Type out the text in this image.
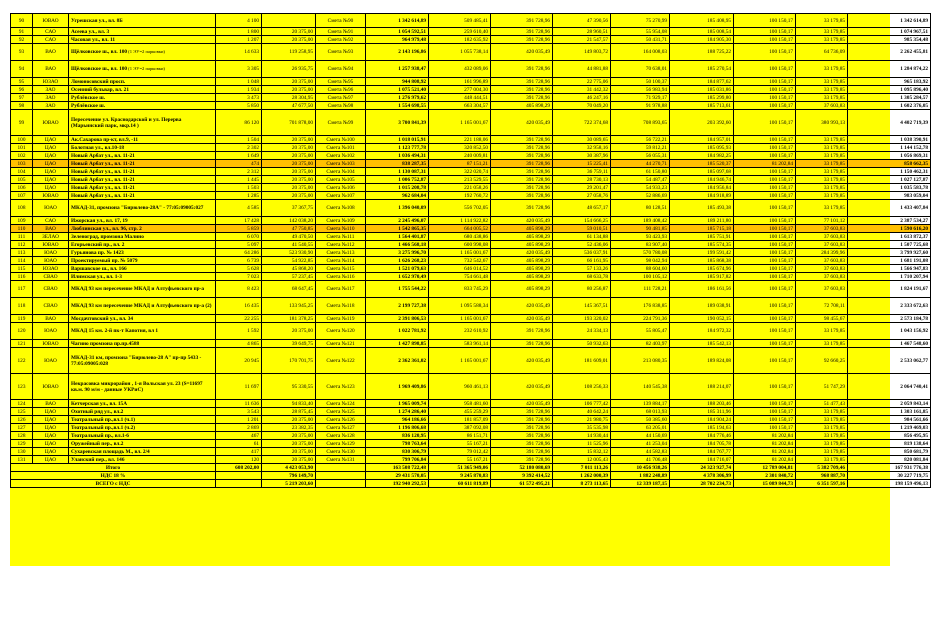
90	ЮВАО	Угрешская ул., вл. 8Б	4 100		Смета №90	1 342 614,89	509 485,41	391 728,96	47 390,56	75 270,99	185 408,95	100 150,17	33 179,85	1 342 614,89
91	САО	Асеева ул., вл. 3	1 800	20 375,00	Смета №91	1 054 592,51	259 610,40	391 728,96	28 960,51	55 954,08	185 008,54	100 150,17	33 179,85	1 074 967,51
92	САО	Часовая ул., вл. 11	1 207	20 375,00	Смета №92	964 979,48	182 635,92	391 728,96	21 547,57	50 431,71	184 905,30	100 150,17	33 179,85	985 354,48
93	ВАО	Щёлковское ш., вл. 100 (1 ЭУ=2 парковки)	14 633	119 258,95	Смета №93	2 143 196,86	1 055 738,14	420 035,49	149 803,72	164 008,03	188 725,22	100 150,17	64 736,09	2 262 455,81
94	ВАО	Щёлковское ш., вл. 100 (1 ЭУ=2 парковки)	3 305	26 935,75	Смета №94	1 257 938,47	432 089,06	391 728,96	44 881,88	70 638,01	185 270,54	100 150,17	33 179,85	1 284 874,22
95	ЮЗАО	Ломоносовский просп.	1 048	20 375,00	Смета №95	944 808,92	161 996,89	391 728,96	22 775,06	50 100,37	184 877,62	100 150,17	33 179,85	965 183,92
96	ЗАО	Осенний бульвар, вл. 21	1 934	20 375,00	Смета №96	1 075 521,40	277 004,30	391 728,96	31 442,32	56 983,94	185 031,86	100 150,17	33 179,85	1 095 896,40
97	ЗАО	Рублёвское ш.	3 473	28 304,95	Смета №97	1 276 979,62	448 444,51	391 728,96	46 247,16	71 929,17	185 299,80	100 150,17	33 179,85	1 305 284,57
98	ЗАО	Рублёвское ш.	5 850	47 677,50	Смета №98	1 554 698,55	663 304,57	405 898,29	70 049,20	91 978,88	185 713,61	100 150,17	37 603,83	1 602 376,05
99	ЮВАО	Пересечение ул. Краснодарской и ул. Перерва (Марьинский парк, мкр.14 )	86 120	701 878,00	Смета №99	3 700 841,39	1 165 001,67	420 035,49	722 374,68	708 893,65	203 392,60	100 150,17	380 993,13	4 402 719,39
100	ЦАО	Ак.Сахарова пр-кт, вл.9, -11	1 504	20 375,00	Смета №100	1 018 015,91	221 188,06	391 728,96	30 089,65	56 722,21	184 957,01	100 150,17	33 179,85	1 038 390,91
101	ЦАО	Болотная ул., вл.10-18	2 302	20 375,00	Смета №101	1 123 777,78	320 852,50	391 728,96	32 958,16	59 812,21	185 095,93	100 150,17	33 179,85	1 144 152,78
102	ЦАО	Новый Арбат ул., вл. 11-21	1 649	20 375,00	Смета №102	1 036 494,31	240 009,81	391 728,96	30 387,96	56 055,31	184 982,25	100 150,17	33 179,85	1 056 869,31
103	ЦАО	Новый Арбат ул., вл. 11-21	474	20 375,00	Смета №103	838 287,35	87 151,21	391 728,96	15 225,41	44 270,71	185 520,37	81 202,84	33 179,85	858 662,35
104	ЦАО	Новый Арбат ул., вл. 11-21	2 312	20 375,00	Смета №104	1 130 087,31	322 020,74	391 728,96	36 759,11	61 150,80	185 097,68	100 150,17	33 179,85	1 150 462,31
105	ЦАО	Новый Арбат ул., вл. 11-21	1 445	20 375,00	Смета №105	1 006 752,87	213 529,55	391 728,96	28 730,13	54 487,47	184 946,74	100 150,17	33 179,85	1 027 127,87
106	ЦАО	Новый Арбат ул., вл. 11-21	1 503	20 375,00	Смета №106	1 015 208,78	221 058,26	391 728,96	29 201,47	54 933,23	184 956,84	100 150,17	33 179,85	1 035 583,78
107	ЮВАО	Новый Арбат ул., вл. 11-21	1 285	20 375,00	Смета №107	962 684,04	192 760,72	391 728,96	27 058,76	52 886,69	184 918,89	100 150,17	33 179,85	983 059,04
108	ЮАО	МКАД-31, промзона "Бирюлево-28А" - 77:05:09005:027	4 585	37 367,75	Смета №108	1 396 040,09	556 702,05	391 728,96	48 657,17	80 128,51	185 493,38	100 150,17	33 179,85	1 433 407,84
109	САО	Ижорская ул., вл. 17, 19	17 428	142 038,20	Смета №109	2 245 496,07	1 114 922,82	420 035,49	154 666,25	189 408,42	189 211,80	100 150,17	77 101,12	2 387 534,27
110	ВАО	Люблинская ул., вл. 96, стр. 2	5 859	47 750,85	Смета №110	1 542 865,35	664 005,52	405 898,29	59 010,51	90 481,85	185 715,18	100 150,17	37 603,83	1 590 616,20
111	ЗЕЛАО	Зеленоград, промзона Малино	6 070	49 470,50	Смета №111	1 564 401,87	680 438,86	405 898,29	61 134,88	93 423,93	185 751,91	100 150,17	37 603,83	1 613 872,37
112	ЮВАО	Егорьевский пр., вл. 2	5 097	41 540,55	Смета №112	1 466 568,18	600 998,08	405 898,29	52 436,06	83 907,40	185 574,35	100 150,17	37 603,83	1 507 725,68
113	ЮАО	Гурьянова пр. № 1423	64 286	523 930,90	Смета №113	3 275 996,70	1 165 001,67	420 035,49	536 037,91	570 780,08	199 591,42	100 150,17	284 399,96	3 799 927,60
114	ЮАО	Проектируемый пр. № 5079	6 739	54 922,85	Смета №114	1 626 268,23	732 542,67	405 898,29	66 161,95	98 042,94	185 868,38	100 150,17	37 603,83	1 681 191,08
115	ЮЗАО	Варшавское ш., вл. 166	5 628	45 868,20	Смета №115	1 521 079,63	646 014,52	405 898,29	57 133,26	88 604,60	185 674,96	100 150,17	37 603,83	1 566 947,83
116	СВАО	Илимская ул., вл. 1-3	7 023	57 237,45	Смета №116	1 652 970,49	754 661,48	405 898,29	68 633,78	100 105,12	185 917,82	100 150,17	37 603,83	1 710 207,94
117	СВАО	МКАД 93 км пересечение МКАД и Алтуфьевского пр-а	8 423	68 647,45	Смета №117	1 755 544,22	833 745,29	405 898,29	80 256,87	111 728,21	186 161,56	100 150,17	37 603,83	1 824 191,67
118	СВАО	МКАД 93 км пересечение МКАД и Алтуфьевского пр-а (2)	16 435	133 945,25	Смета №118	2 199 727,38	1 095 588,34	420 035,49	145 367,51	176 838,85	189 038,91	100 150,17	72 708,11	2 333 672,63
119	ВАО	Мосдачтовский ул., вл. 34	22 255	181 378,25	Смета №119	2 391 806,53	1 165 001,67	420 035,49	193 320,02	224 791,36	190 052,15	100 150,17	98 455,67	2 573 184,78
120	ЮАО	МКАД 15 км. 2-й пк-т Капотня, вл 1	1 592	20 375,00	Смета №120	1 022 781,92	232 610,92	391 728,96	24 334,13	55 805,47	184 972,32	100 150,17	33 179,85	1 043 156,92
121	ЮВАО	Чагино промзона пр.пр.4588	4 865	39 649,75	Смета №121	1 427 898,85	583 961,14	391 728,96	50 932,63	82 403,97	185 542,13	100 150,17	33 179,85	1 467 548,60
122	ЮАО	МКАД-31 км, промзона "Бирюлево-28 А" пр-пр 5433 - 77:05:09005:028	20 945	170 701,75	Смета №122	2 362 361,02	1 165 001,67	420 035,49	181 609,01	213 080,35	189 824,08	100 150,17	92 660,25	2 533 062,77
123	ЮВАО	Некрасовка микрорайон , 1-я Вольская ул. 23 (S=11697 кв.м. 90 м/м - данные УКРиС)	11 697	95 330,55	Смета №123	1 969 409,86	960 461,13	420 035,49	108 256,33	140 545,38	188 214,07	100 150,17	51 747,29	2 064 740,41
124	ВАО	Кетчерская ул., вл. 15А	11 636	94 833,40	Смета №124	1 965 009,74	958 481,60	420 035,49	106 777,42	139 884,17	188 203,46	100 150,17	51 477,43	2 059 843,14
125	ЦАО	Охотный ряд ул., вл.2	3 543	28 875,45	Смета №125	1 274 286,40	455 259,29	391 728,96	40 642,24	68 013,93	185 311,96	100 150,17	33 179,85	1 303 161,85
126	ЦАО	Театральный пр.,вл.1 (ч.1)	1 201	20 375,00	Смета №126	964 186,66	181 857,09	391 728,96	21 980,75	50 385,60	184 904,24	100 150,17	33 179,85	984 561,66
127	ЦАО	Театральный пр.,вл.1 (ч.2)	2 869	23 382,35	Смета №127	1 196 806,68	387 092,08	391 728,96	35 535,98	63 205,01	185 194,63	100 150,17	33 179,85	1 219 469,03
128	ЦАО	Театральный пр., вл.1-6	467	20 375,00	Смета №128	836 120,95	86 151,71	391 728,96	14 930,44	44 150,69	184 776,46	81 202,84	33 179,85	856 495,95
129	ЦАО	Оружейный пер., вл.2	61	20 375,00	Смета №129	798 763,64	55 167,21	391 728,96	11 525,96	41 253,04	184 705,78	81 202,84	33 179,85	819 138,64
130	ЦАО	Сухаревская площадь М., вл. 2/4	417	20 375,00	Смета №130	830 306,79	79 012,42	391 728,96	15 832,12	44 582,83	184 767,77	81 202,84	33 179,85	850 681,79
131	ЦАО	Уланский пер., вл. 146	120	20 375,00	Смета №131	799 706,84	55 167,21	391 728,96	12 005,43	41 706,48	184 716,07	81 202,84	33 179,85	820 081,84
Итого			608 202,00	4 423 053,90		163 508 722,48	51 365 949,06	52 180 080,69	7 011 113,26	10 456 938,26	24 323 927,74	12 789 004,81	5 382 709,46	167 931 776,38
НДС 18 %				796 149,70		29 431 570,05	9 245 870,83	9 392 414,52	1 262 000,39	1 882 248,89	4 378 306,99	2 301 840,72	968 887,70	30 227 719,75
ВСЕГО с НДС				5 219 203,60		192 940 292,53	60 611 819,89	61 572 495,21	8 273 113,65	12 339 187,15	28 702 234,73	15 089 844,73	6 351 597,16	198 159 496,13
